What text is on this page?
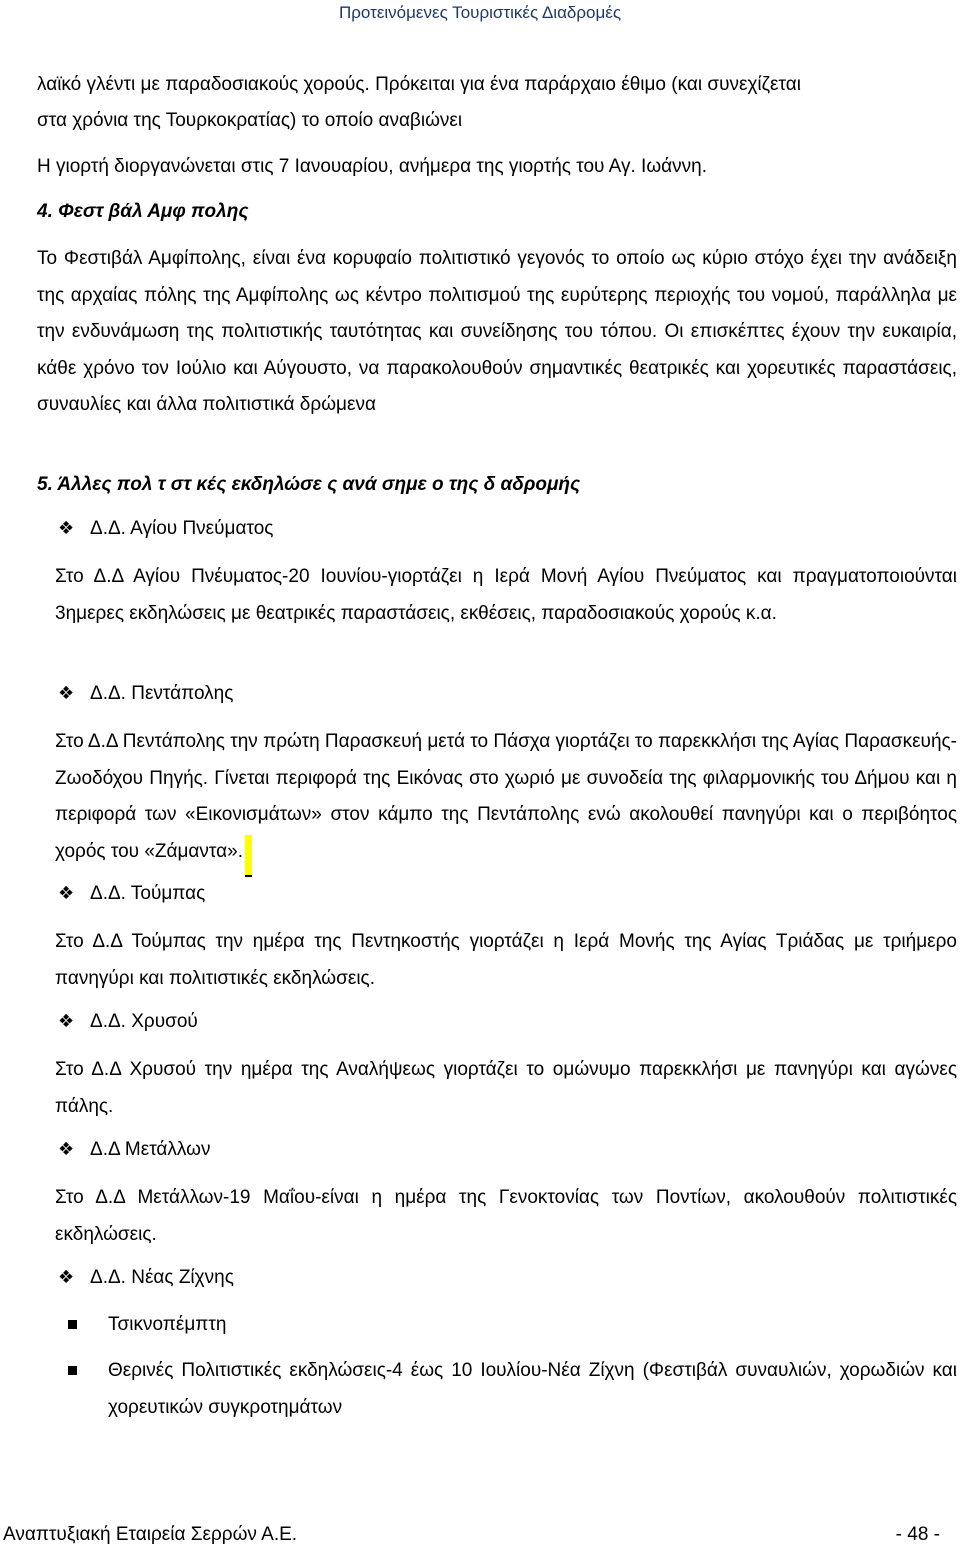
Προτεινόμενες Τουριστικές Διαδρομές
λαϊκό γλέντι με παραδοσιακούς χορούς. Πρόκειται για ένα παράρχαιο έθιμο (και συνεχίζεται
στα χρόνια της Τουρκοκρατίας) το οποίο αναβιώνει
Η γιορτή διοργανώνεται στις 7 Ιανουαρίου, ανήμερα της γιορτής του Αγ. Ιωάννη.
4. Φεστ βάλ Αμφ πολης
Το Φεστιβάλ Αμφίπολης, είναι ένα κορυφαίο πολιτιστικό γεγονός το οποίο ως κύριο στόχο έχει την ανάδειξη της αρχαίας πόλης της Αμφίπολης ως κέντρο πολιτισμού της ευρύτερης περιοχής του νομού, παράλληλα με την ενδυνάμωση της πολιτιστικής ταυτότητας και συνείδησης του τόπου. Οι επισκέπτες έχουν την ευκαιρία, κάθε χρόνο τον Ιούλιο και Αύγουστο, να παρακολουθούν σημαντικές θεατρικές και χορευτικές παραστάσεις, συναυλίες και άλλα πολιτιστικά δρώμενα
5. Άλλες πολ τ στ κές εκδηλώσε ς ανά σημε ο της δ αδρομής
❖ Δ.Δ. Αγίου Πνεύματος
Στο Δ.Δ Αγίου Πνέυματος-20 Ιουνίου-γιορτάζει η Ιερά Μονή Αγίου Πνεύματος και πραγματοποιούνται 3ημερες εκδηλώσεις με θεατρικές παραστάσεις, εκθέσεις, παραδοσιακούς χορούς κ.α.
❖ Δ.Δ. Πεντάπολης
Στο Δ.Δ Πεντάπολης την πρώτη Παρασκευή μετά το Πάσχα γιορτάζει το παρεκκλήσι της Αγίας Παρασκευής-Ζωοδόχου Πηγής. Γίνεται περιφορά της Εικόνας στο χωριό με συνοδεία της φιλαρμονικής του Δήμου και η περιφορά των «Εικονισμάτων» στον κάμπο της Πεντάπολης ενώ ακολουθεί πανηγύρι και ο περιβόητος χορός του «Ζάμαντα».
❖ Δ.Δ. Τούμπας
Στο Δ.Δ Τούμπας την ημέρα της Πεντηκοστής γιορτάζει η Ιερά Μονής της Αγίας Τριάδας με τριήμερο πανηγύρι και πολιτιστικές εκδηλώσεις.
❖ Δ.Δ. Χρυσού
Στο Δ.Δ Χρυσού την ημέρα της Αναλήψεως γιορτάζει το ομώνυμο παρεκκλήσι με πανηγύρι και αγώνες πάλης.
❖ Δ.Δ Μετάλλων
Στο Δ.Δ Μετάλλων-19 Μαΐου-είναι η ημέρα της Γενοκτονίας των Ποντίων, ακολουθούν πολιτιστικές εκδηλώσεις.
❖ Δ.Δ. Νέας Ζίχνης
Τσικνοπέμπτη
Θερινές Πολιτιστικές εκδηλώσεις-4 έως 10 Ιουλίου-Νέα Ζίχνη (Φεστιβάλ συναυλιών, χορωδιών και χορευτικών συγκροτημάτων
Αναπτυξιακή Εταιρεία Σερρών Α.Ε.	- 48 -
